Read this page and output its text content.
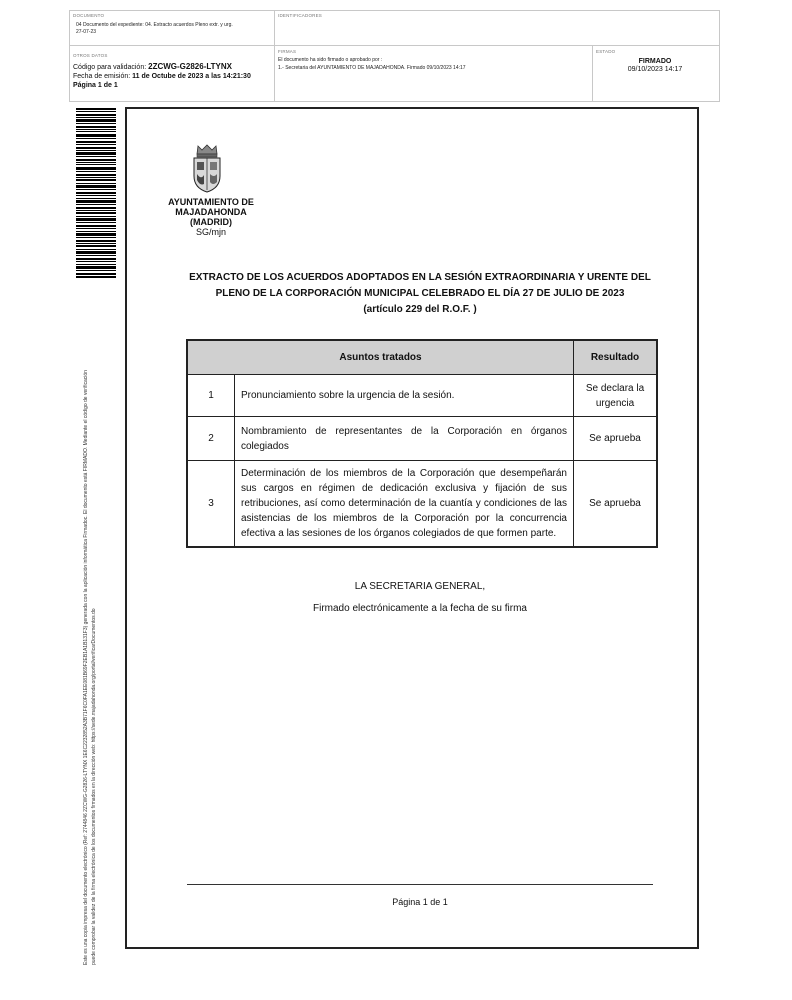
DOCUMENTO
04 Documento del expediente: 04. Extracto acuerdos Pleno extr. y urg. 27-07-23
IDENTIFICADORES
OTROS DATOS
Código para validación: 2ZCWG-G2826-LTYNX
Fecha de emisión: 11 de Octube de 2023 a las 14:21:30
Página 1 de 1
FIRMAS
El documento ha sido firmado o aprobado por :
1.- Secretaria del AYUNTAMIENTO DE MAJADAHONDA. Firmado 09/10/2023 14:17
ESTADO
FIRMADO
09/10/2023 14:17
Este es una copia impresa del documento electrónico (Ref: 2744846 2ZCWG-G2826-LTYNX 1E6C2232852A3B71F6C0FA1EE081B69F2EB1A1B131F3) generada con la aplicación informática Firmadoc. El documento está FIRMADO. Mediante el código de verificación puede comprobar la validez de la firma electrónica de los documentos firmados en la dirección web: https://sede.majadahonda.org/portal/verificarDocumentos.do
AYUNTAMIENTO DE
MAJADAHONDA
(MADRID)
SG/mjn
EXTRACTO DE LOS ACUERDOS ADOPTADOS EN LA SESIÓN EXTRAORDINARIA Y URENTE DEL
PLENO DE LA CORPORACIÓN MUNICIPAL CELEBRADO EL DÍA 27 DE JULIO DE 2023
(artículo 229 del R.O.F. )
Asuntos tratados		Resultado
1	Pronunciamiento sobre la urgencia de la sesión.	Se declara la urgencia
2	Nombramiento de representantes de la Corporación en órganos colegiados	Se aprueba
3	Determinación de los miembros de la Corporación que desempeñarán sus cargos en régimen de dedicación exclusiva y fijación de sus retribuciones, así como determinación de la cuantía y condiciones de las asistencias de los miembros de la Corporación por la concurrencia efectiva a las sesiones de los órganos colegiados de que formen parte.	Se aprueba
LA SECRETARIA GENERAL,
Firmado electrónicamente a la fecha de su firma
Página 1 de 1
